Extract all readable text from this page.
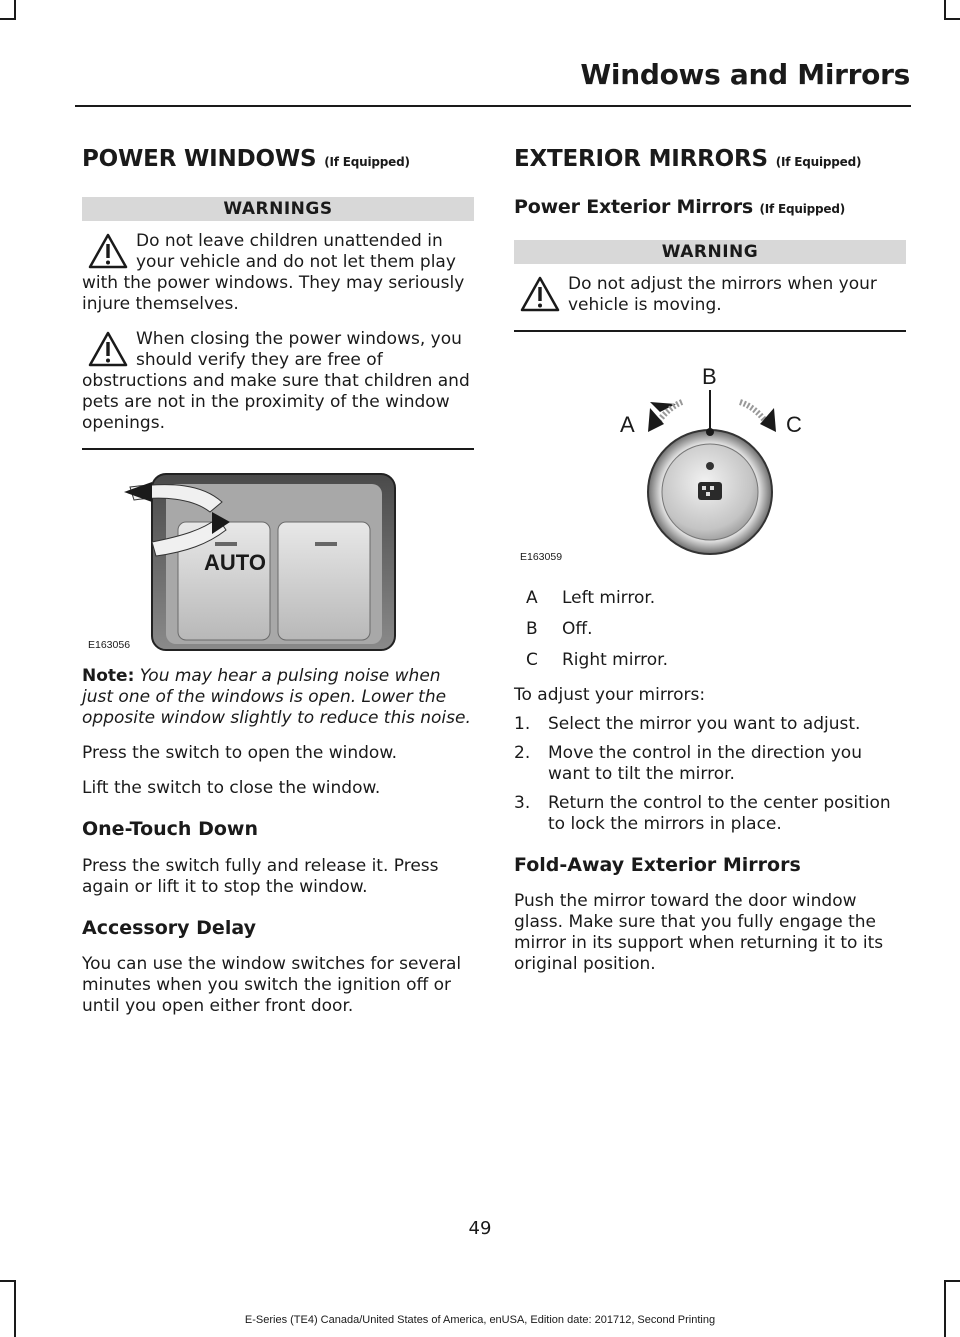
Windows and Mirrors
POWER WINDOWS (If Equipped)
WARNINGS
Do not leave children unattended in your vehicle and do not let them play with the power windows. They may seriously injure themselves.
When closing the power windows, you should verify they are free of obstructions and make sure that children and pets are not in the proximity of the window openings.
AUTO
E163056

Note: You may hear a pulsing noise when just one of the windows is open. Lower the opposite window slightly to reduce this noise.

Press the switch to open the window.

Lift the switch to close the window.

One-Touch Down

Press the switch fully and release it. Press again or lift it to stop the window.

Accessory Delay

You can use the window switches for several minutes when you switch the ignition off or until you open either front door.

EXTERIOR MIRRORS (If Equipped)
Power Exterior Mirrors (If Equipped)
WARNING
Do not adjust the mirrors when your vehicle is moving.
B
A	C
E163059
A Left mirror.
B Off.
C Right mirror.

To adjust your mirrors:

1. Select the mirror you want to adjust.
2. Move the control in the direction you want to tilt the mirror.
3. Return the control to the center position to lock the mirrors in place.
Fold-Away Exterior Mirrors

Push the mirror toward the door window glass. Make sure that you fully engage the mirror in its support when returning it to its original position.

49
E-Series (TE4) Canada/United States of America, enUSA, Edition date: 201712, Second Printing
